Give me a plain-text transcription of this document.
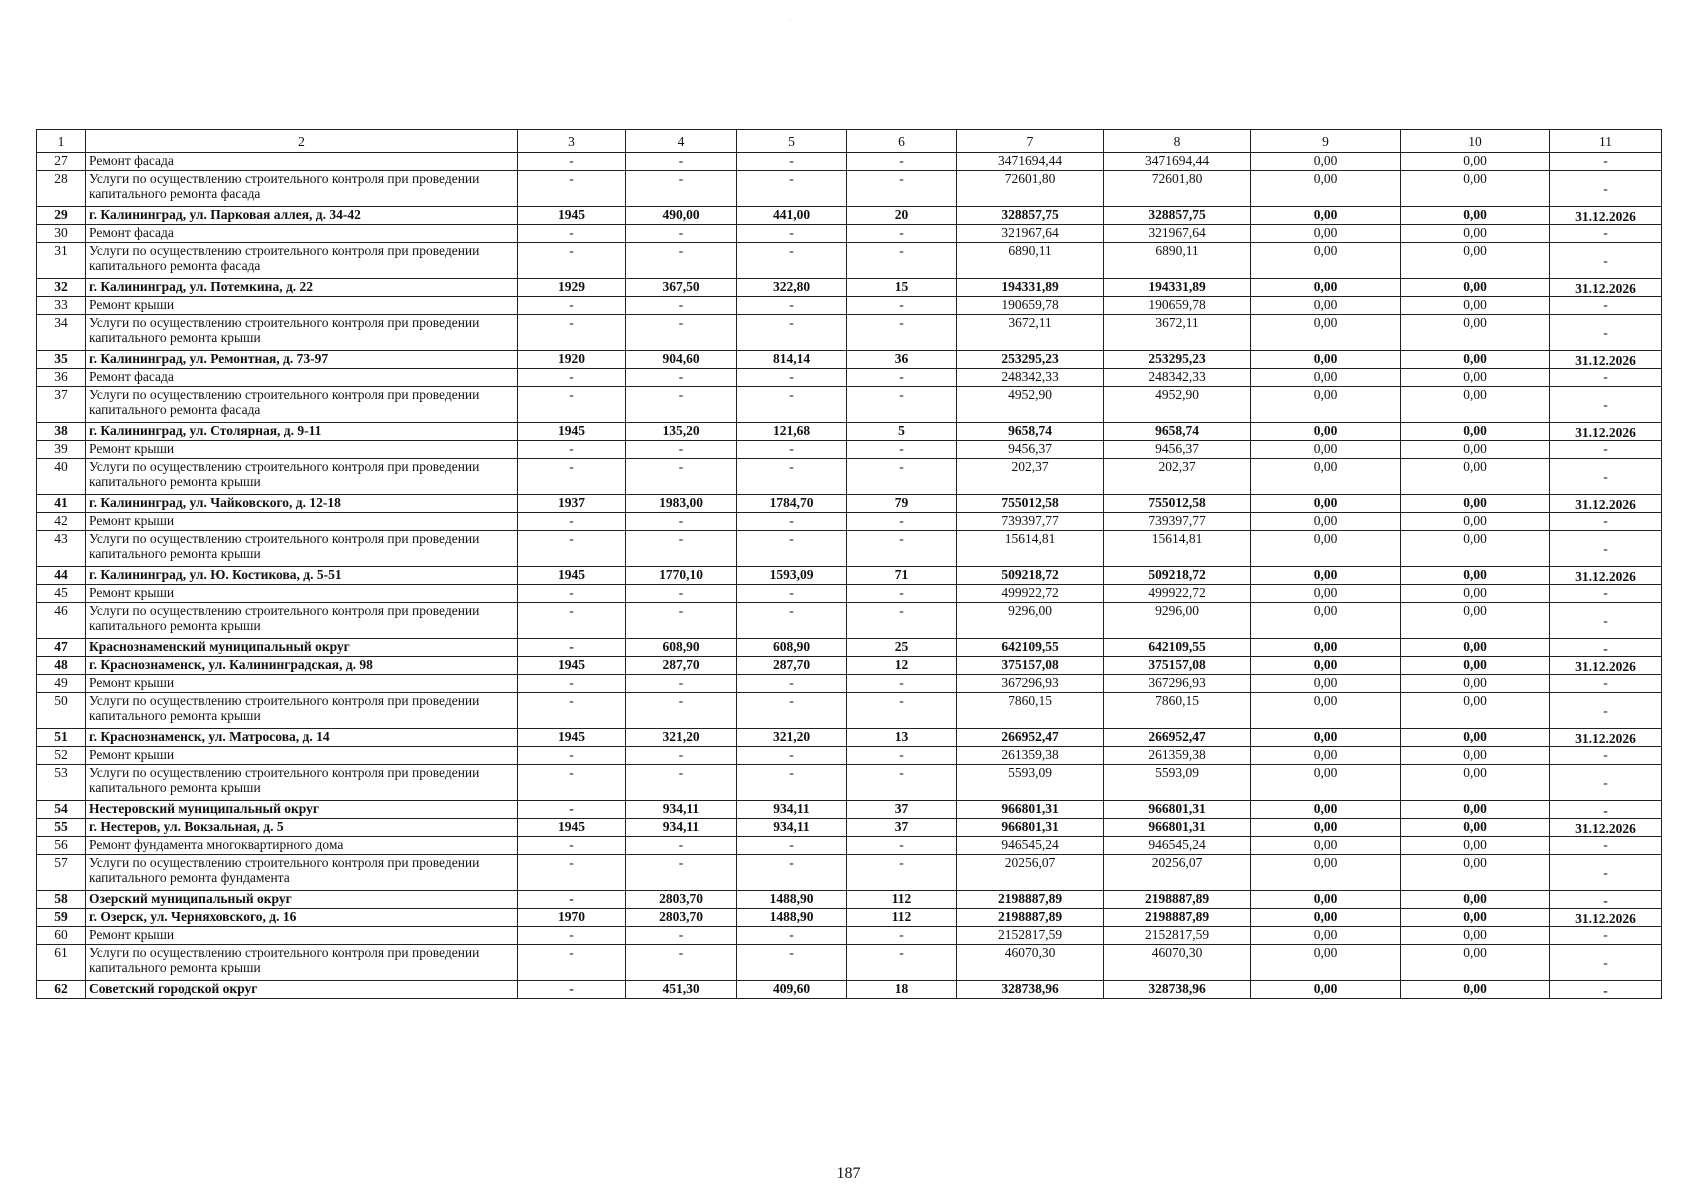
1	2	3	4	5	6	7	8	9	10	11
27	Ремонт фасада	-	-	-	-	3471694,44	3471694,44	0,00	0,00	-
28	Услуги по осуществлению строительного контроля при проведении капитального ремонта фасада	-	-	-	-	72601,80	72601,80	0,00	0,00	-
29	г. Калининград, ул. Парковая аллея, д. 34-42	1945	490,00	441,00	20	328857,75	328857,75	0,00	0,00	31.12.2026
30	Ремонт фасада	-	-	-	-	321967,64	321967,64	0,00	0,00	-
31	Услуги по осуществлению строительного контроля при проведении капитального ремонта фасада	-	-	-	-	6890,11	6890,11	0,00	0,00	-
32	г. Калининград, ул. Потемкина, д. 22	1929	367,50	322,80	15	194331,89	194331,89	0,00	0,00	31.12.2026
33	Ремонт крыши	-	-	-	-	190659,78	190659,78	0,00	0,00	-
34	Услуги по осуществлению строительного контроля при проведении капитального ремонта крыши	-	-	-	-	3672,11	3672,11	0,00	0,00	-
35	г. Калининград, ул. Ремонтная, д. 73-97	1920	904,60	814,14	36	253295,23	253295,23	0,00	0,00	31.12.2026
36	Ремонт фасада	-	-	-	-	248342,33	248342,33	0,00	0,00	-
37	Услуги по осуществлению строительного контроля при проведении капитального ремонта фасада	-	-	-	-	4952,90	4952,90	0,00	0,00	-
38	г. Калининград, ул. Столярная, д. 9-11	1945	135,20	121,68	5	9658,74	9658,74	0,00	0,00	31.12.2026
39	Ремонт крыши	-	-	-	-	9456,37	9456,37	0,00	0,00	-
40	Услуги по осуществлению строительного контроля при проведении капитального ремонта крыши	-	-	-	-	202,37	202,37	0,00	0,00	-
41	г. Калининград, ул. Чайковского, д. 12-18	1937	1983,00	1784,70	79	755012,58	755012,58	0,00	0,00	31.12.2026
42	Ремонт крыши	-	-	-	-	739397,77	739397,77	0,00	0,00	-
43	Услуги по осуществлению строительного контроля при проведении капитального ремонта крыши	-	-	-	-	15614,81	15614,81	0,00	0,00	-
44	г. Калининград, ул. Ю. Костикова, д. 5-51	1945	1770,10	1593,09	71	509218,72	509218,72	0,00	0,00	31.12.2026
45	Ремонт крыши	-	-	-	-	499922,72	499922,72	0,00	0,00	-
46	Услуги по осуществлению строительного контроля при проведении капитального ремонта крыши	-	-	-	-	9296,00	9296,00	0,00	0,00	-
47	Краснознаменский муниципальный округ	-	608,90	608,90	25	642109,55	642109,55	0,00	0,00	-
48	г. Краснознаменск, ул. Калининградская, д. 98	1945	287,70	287,70	12	375157,08	375157,08	0,00	0,00	31.12.2026
49	Ремонт крыши	-	-	-	-	367296,93	367296,93	0,00	0,00	-
50	Услуги по осуществлению строительного контроля при проведении капитального ремонта крыши	-	-	-	-	7860,15	7860,15	0,00	0,00	-
51	г. Краснознаменск, ул. Матросова, д. 14	1945	321,20	321,20	13	266952,47	266952,47	0,00	0,00	31.12.2026
52	Ремонт крыши	-	-	-	-	261359,38	261359,38	0,00	0,00	-
53	Услуги по осуществлению строительного контроля при проведении капитального ремонта крыши	-	-	-	-	5593,09	5593,09	0,00	0,00	-
54	Нестеровский муниципальный округ	-	934,11	934,11	37	966801,31	966801,31	0,00	0,00	-
55	г. Нестеров, ул. Вокзальная, д. 5	1945	934,11	934,11	37	966801,31	966801,31	0,00	0,00	31.12.2026
56	Ремонт фундамента многоквартирного дома	-	-	-	-	946545,24	946545,24	0,00	0,00	-
57	Услуги по осуществлению строительного контроля при проведении капитального ремонта фундамента	-	-	-	-	20256,07	20256,07	0,00	0,00	-
58	Озерский муниципальный округ	-	2803,70	1488,90	112	2198887,89	2198887,89	0,00	0,00	-
59	г. Озерск, ул. Черняховского, д. 16	1970	2803,70	1488,90	112	2198887,89	2198887,89	0,00	0,00	31.12.2026
60	Ремонт крыши	-	-	-	-	2152817,59	2152817,59	0,00	0,00	-
61	Услуги по осуществлению строительного контроля при проведении капитального ремонта крыши	-	-	-	-	46070,30	46070,30	0,00	0,00	-
62	Советский городской округ	-	451,30	409,60	18	328738,96	328738,96	0,00	0,00	-
187
